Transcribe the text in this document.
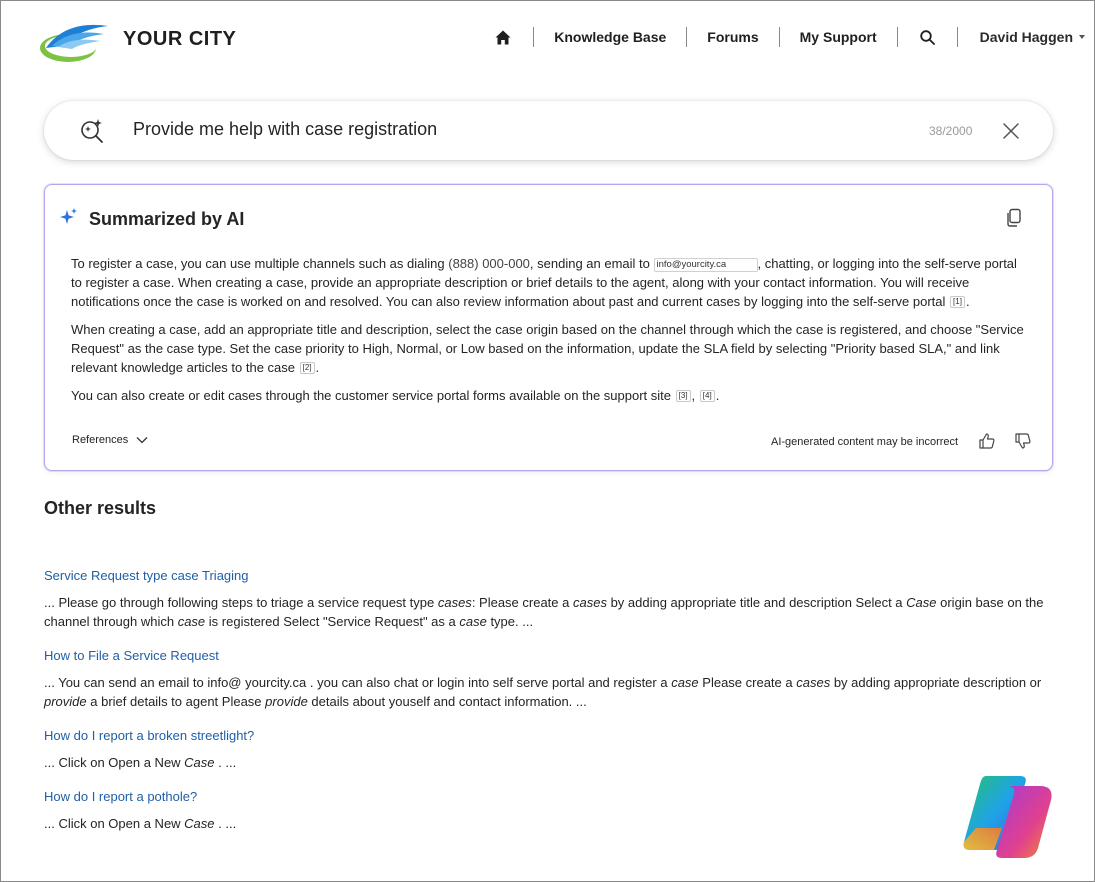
YOUR CITY	Knowledge Base	Forums	My Support	David Haggen
Provide me help with case registration	38/2000
Summarized by AI

To register a case, you can use multiple channels such as dialing (888) 000-000, sending an email to info@yourcity.ca , chatting, or logging into the self-serve portal to register a case. When creating a case, provide an appropriate description or brief details to the agent, along with your contact information. You will receive notifications once the case is worked on and resolved. You can also review information about past and current cases by logging into the self-serve portal [1] .

When creating a case, add an appropriate title and description, select the case origin based on the channel through which the case is registered, and choose "Service Request" as the case type. Set the case priority to High, Normal, or Low based on the information, update the SLA field by selecting "Priority based SLA," and link relevant knowledge articles to the case [2] .

You can also create or edit cases through the customer service portal forms available on the support site [3] , [4] .

References	AI-generated content may be incorrect
Other results
Service Request type case Triaging
... Please go through following steps to triage a service request type cases: Please create a cases by adding appropriate title and description Select a Case origin base on the channel through which case is registered Select "Service Request" as a case type. ...
How to File a Service Request
... You can send an email to info@ yourcity.ca . you can also chat or login into self serve portal and register a case Please create a cases by adding appropriate description or provide a brief details to agent Please provide details about youself and contact information. ...
How do I report a broken streetlight?
... Click on Open a New Case . ...
How do I report a pothole?
... Click on Open a New Case . ...
